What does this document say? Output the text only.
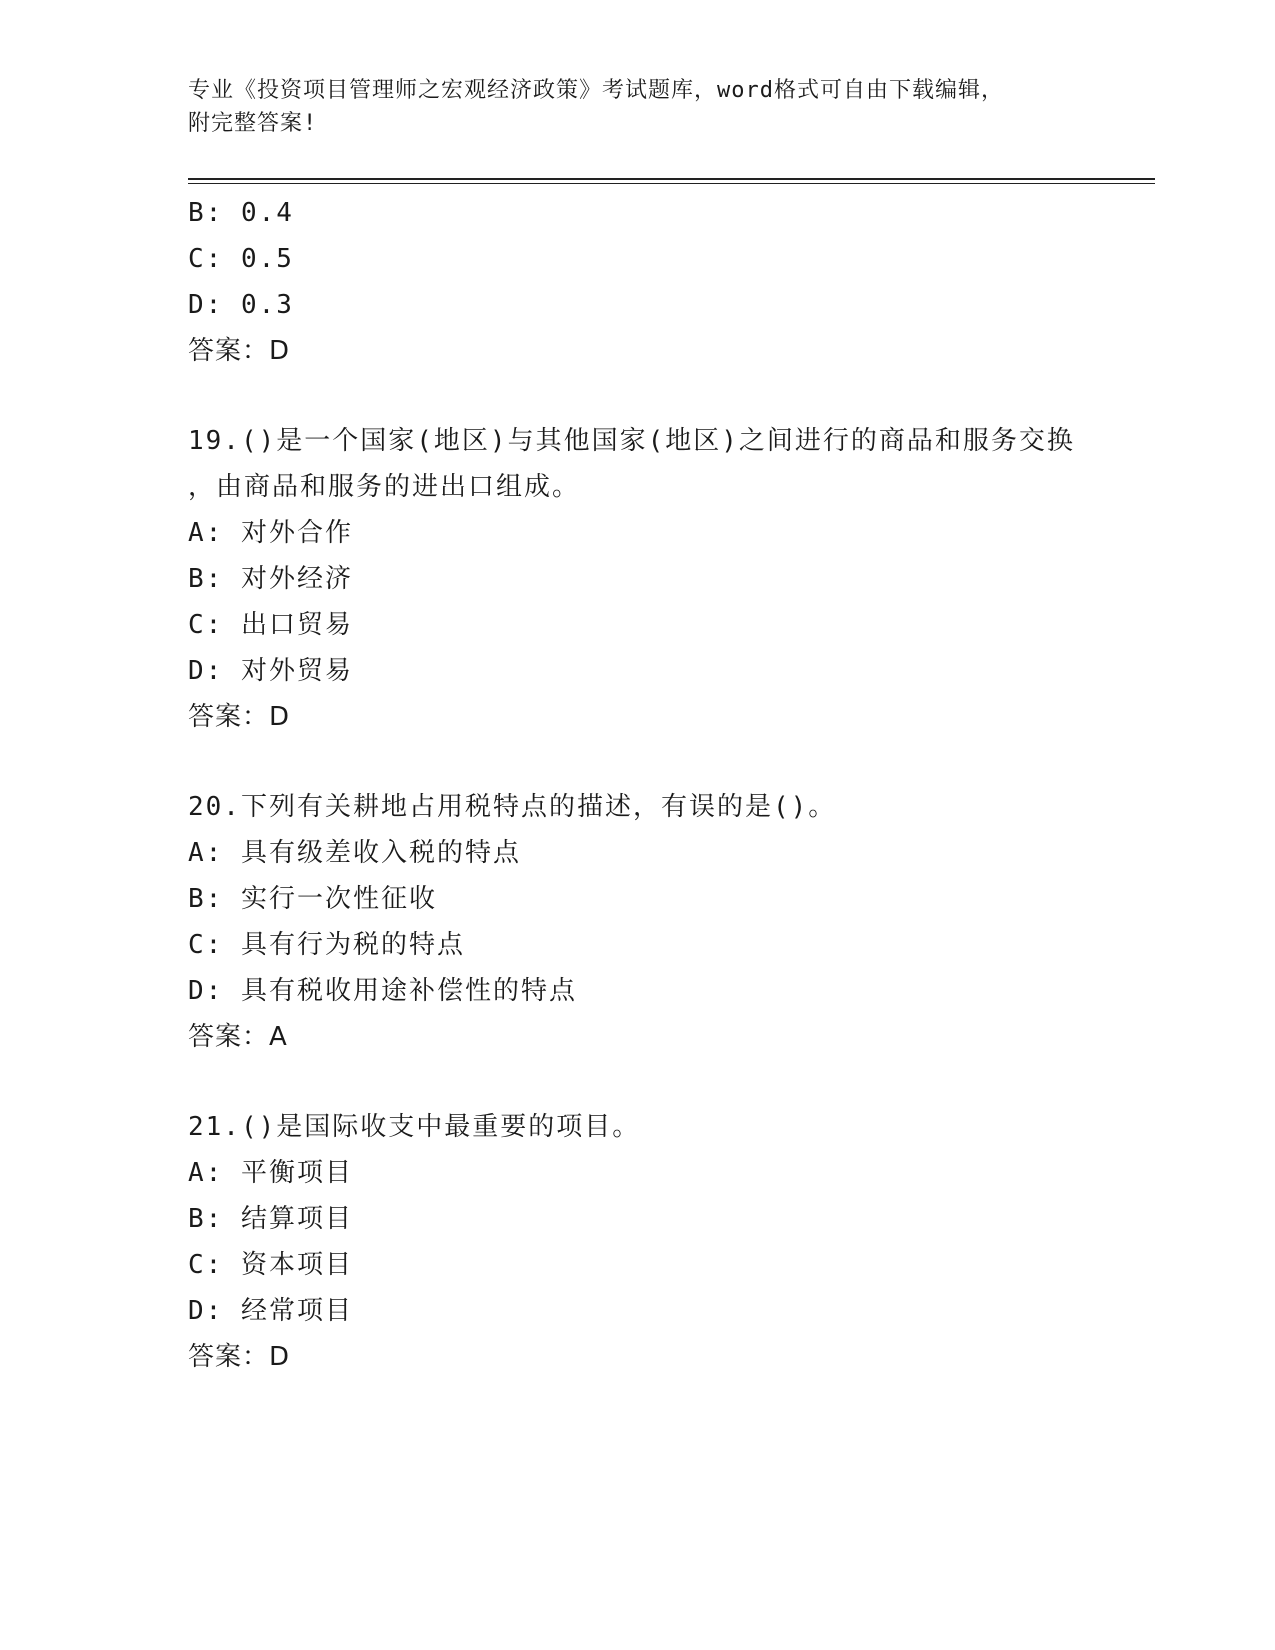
专业《投资项目管理师之宏观经济政策》考试题库，word格式可自由下载编辑，
附完整答案!
B: 0.4
C: 0.5
D: 0.3
答案：D
19.()是一个国家(地区)与其他国家(地区)之间进行的商品和服务交换
，由商品和服务的进出口组成。
A: 对外合作
B: 对外经济
C: 出口贸易
D: 对外贸易
答案：D
20.下列有关耕地占用税特点的描述，有误的是()。
A: 具有级差收入税的特点
B: 实行一次性征收
C: 具有行为税的特点
D: 具有税收用途补偿性的特点
答案：A
21.()是国际收支中最重要的项目。
A: 平衡项目
B: 结算项目
C: 资本项目
D: 经常项目
答案：D
